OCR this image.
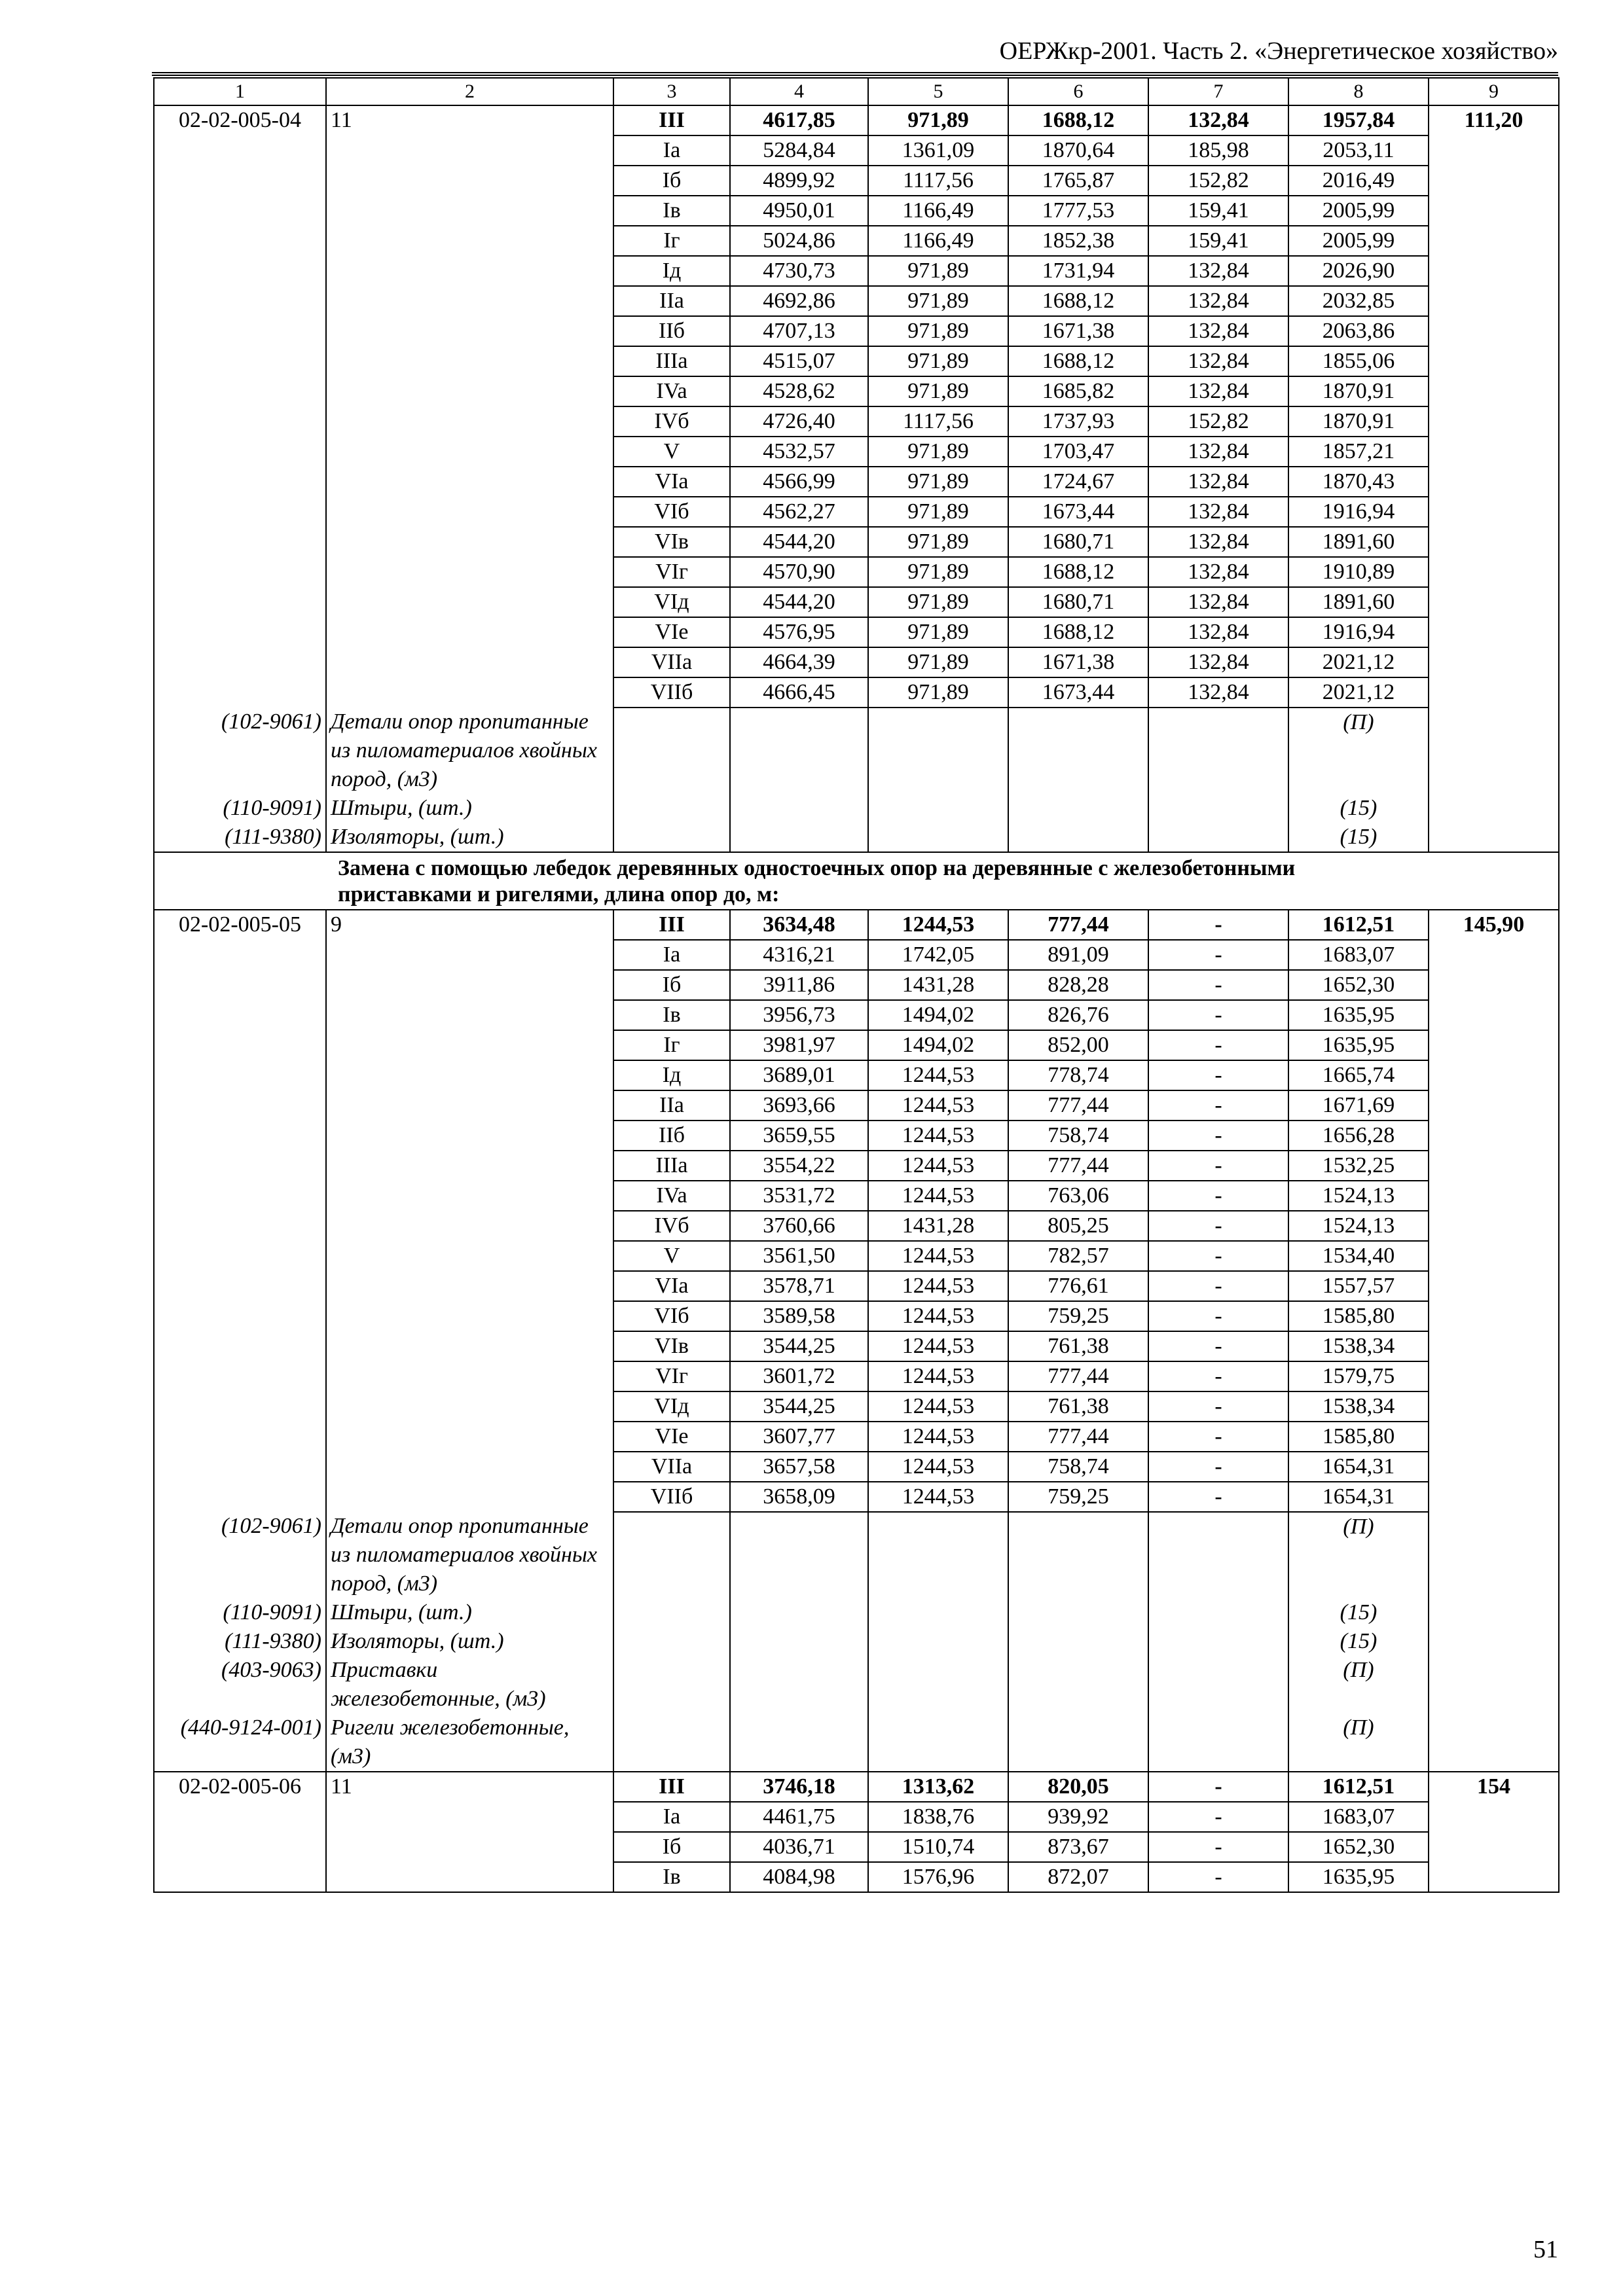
ОЕРЖкр-2001. Часть 2. «Энергетическое хозяйство»
1	2	3	4	5	6	7	8	9
02-02-005-04	11	III	4617,85	971,89	1688,12	132,84	1957,84	111,20
		Ia	5284,84	1361,09	1870,64	185,98	2053,11	
		Iб	4899,92	1117,56	1765,87	152,82	2016,49	
		Iв	4950,01	1166,49	1777,53	159,41	2005,99	
		Iг	5024,86	1166,49	1852,38	159,41	2005,99	
		Iд	4730,73	971,89	1731,94	132,84	2026,90	
		IIa	4692,86	971,89	1688,12	132,84	2032,85	
		IIб	4707,13	971,89	1671,38	132,84	2063,86	
		IIIa	4515,07	971,89	1688,12	132,84	1855,06	
		IVa	4528,62	971,89	1685,82	132,84	1870,91	
		IVб	4726,40	1117,56	1737,93	152,82	1870,91	
		V	4532,57	971,89	1703,47	132,84	1857,21	
		VIa	4566,99	971,89	1724,67	132,84	1870,43	
		VIб	4562,27	971,89	1673,44	132,84	1916,94	
		VIв	4544,20	971,89	1680,71	132,84	1891,60	
		VIг	4570,90	971,89	1688,12	132,84	1910,89	
		VIд	4544,20	971,89	1680,71	132,84	1891,60	
		VIe	4576,95	971,89	1688,12	132,84	1916,94	
		VIIa	4664,39	971,89	1671,38	132,84	2021,12	
		VIIб	4666,45	971,89	1673,44	132,84	2021,12	
(102-9061)	Детали опор пропитанные из пиломатериалов хвойных пород, (м3)						(П)	
(110-9091)	Штыри, (шт.)						(15)	
(111-9380)	Изоляторы, (шт.)						(15)	

Замена с помощью лебедок деревянных одностоечных опор на деревянные с железобетонными
приставками и ригелями, длина опор до, м:								

02-02-005-05	9	III	3634,48	1244,53	777,44	-	1612,51	145,90
		Ia	4316,21	1742,05	891,09	-	1683,07	
		Iб	3911,86	1431,28	828,28	-	1652,30	
		Iв	3956,73	1494,02	826,76	-	1635,95	
		Iг	3981,97	1494,02	852,00	-	1635,95	
		Iд	3689,01	1244,53	778,74	-	1665,74	
		IIa	3693,66	1244,53	777,44	-	1671,69	
		IIб	3659,55	1244,53	758,74	-	1656,28	
		IIIa	3554,22	1244,53	777,44	-	1532,25	
		IVa	3531,72	1244,53	763,06	-	1524,13	
		IVб	3760,66	1431,28	805,25	-	1524,13	
		V	3561,50	1244,53	782,57	-	1534,40	
		VIa	3578,71	1244,53	776,61	-	1557,57	
		VIб	3589,58	1244,53	759,25	-	1585,80	
		VIв	3544,25	1244,53	761,38	-	1538,34	
		VIг	3601,72	1244,53	777,44	-	1579,75	
		VIд	3544,25	1244,53	761,38	-	1538,34	
		VIe	3607,77	1244,53	777,44	-	1585,80	
		VIIa	3657,58	1244,53	758,74	-	1654,31	
		VIIб	3658,09	1244,53	759,25	-	1654,31	
(102-9061)	Детали опор пропитанные из пиломатериалов хвойных пород, (м3)						(П)	
(110-9091)	Штыри, (шт.)						(15)	
(111-9380)	Изоляторы, (шт.)						(15)	
(403-9063)	Приставки железобетонные, (м3)						(П)	
(440-9124-001)	Ригели железобетонные, (м3)						(П)	
02-02-005-06	11	III	3746,18	1313,62	820,05	-	1612,51	154
		Ia	4461,75	1838,76	939,92	-	1683,07	
		Iб	4036,71	1510,74	873,67	-	1652,30	
		Iв	4084,98	1576,96	872,07	-	1635,95	
51
